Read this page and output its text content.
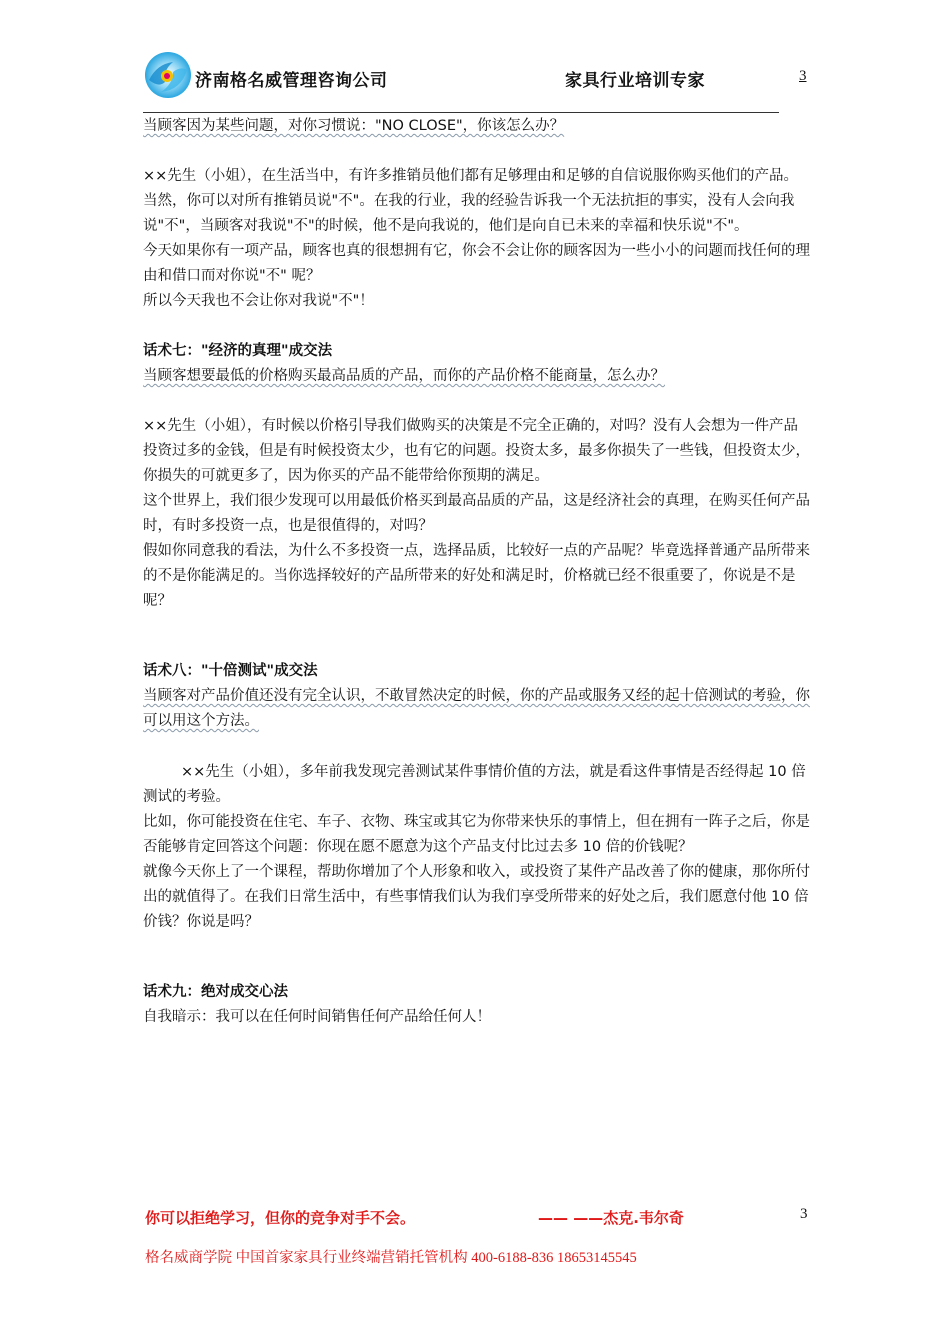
济南格名威管理咨询公司	家具行业培训专家	3

当顾客因为某些问题，对你习惯说："NO CLOSE"，你该怎么办？

××先生（小姐），在生活当中，有许多推销员他们都有足够理由和足够的自信说服你购买他们的产品。

当然，你可以对所有推销员说"不"。在我的行业，我的经验告诉我一个无法抗拒的事实，没有人会向我说"不"，当顾客对我说"不"的时候，他不是向我说的，他们是向自已未来的幸福和快乐说"不"。

今天如果你有一项产品，顾客也真的很想拥有它，你会不会让你的顾客因为一些小小的问题而找任何的理由和借口而对你说"不" 呢？

所以今天我也不会让你对我说"不"！

话术七："经济的真理"成交法

当顾客想要最低的价格购买最高品质的产品，而你的产品价格不能商量，怎么办？

××先生（小姐），有时候以价格引导我们做购买的决策是不完全正确的，对吗？没有人会想为一件产品投资过多的金钱，但是有时候投资太少，也有它的问题。投资太多，最多你损失了一些钱，但投资太少，你损失的可就更多了，因为你买的产品不能带给你预期的满足。

这个世界上，我们很少发现可以用最低价格买到最高品质的产品，这是经济社会的真理，在购买任何产品时，有时多投资一点，也是很值得的，对吗？

假如你同意我的看法，为什么不多投资一点，选择品质，比较好一点的产品呢？毕竟选择普通产品所带来的不是你能满足的。当你选择较好的产品所带来的好处和满足时，价格就已经不很重要了，你说是不是呢？

话术八："十倍测试"成交法

当顾客对产品价值还没有完全认识，不敢冒然决定的时候，你的产品或服务又经的起十倍测试的考验，你可以用这个方法。

××先生（小姐），多年前我发现完善测试某件事情价值的方法，就是看这件事情是否经得起 10 倍测试的考验。

比如，你可能投资在住宅、车子、衣物、珠宝或其它为你带来快乐的事情上，但在拥有一阵子之后，你是否能够肯定回答这个问题：你现在愿不愿意为这个产品支付比过去多 10 倍的价钱呢？

就像今天你上了一个课程，帮助你增加了个人形象和收入，或投资了某件产品改善了你的健康，那你所付出的就值得了。在我们日常生活中，有些事情我们认为我们享受所带来的好处之后，我们愿意付他 10 倍价钱？你说是吗？

话术九：绝对成交心法

自我暗示：我可以在任何时间销售任何产品给任何人！

你可以拒绝学习，但你的竞争对手不会。	—— ——杰克.韦尔奇	3
格名威商学院 中国首家家具行业终端营销托管机构 400-6188-836 18653145545
